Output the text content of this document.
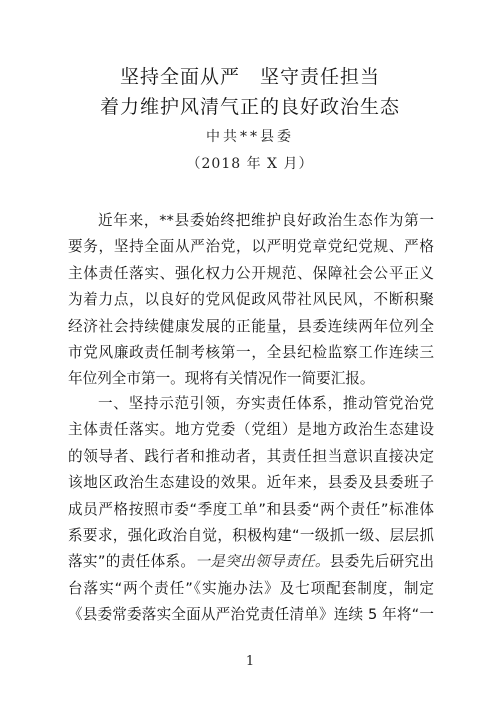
坚持全面从严　坚守责任担当
着力维护风清气正的良好政治生态
中共**县委
（2018 年 X 月）
近年来，**县委始终把维护良好政治生态作为第一
要务，坚持全面从严治党，以严明党章党纪党规、严格
主体责任落实、强化权力公开规范、保障社会公平正义
为着力点，以良好的党风促政风带社风民风，不断积聚
经济社会持续健康发展的正能量，县委连续两年位列全
市党风廉政责任制考核第一，全县纪检监察工作连续三
年位列全市第一。现将有关情况作一简要汇报。
一、坚持示范引领，夯实责任体系，推动管党治党
主体责任落实。地方党委（党组）是地方政治生态建设
的领导者、践行者和推动者，其责任担当意识直接决定
该地区政治生态建设的效果。近年来，县委及县委班子
成员严格按照市委“季度工单”和县委“两个责任”标准体
系要求，强化政治自觉，积极构建“一级抓一级、层层抓
落实”的责任体系。一是突出领导责任。县委先后研究出
台落实“两个责任”《实施办法》及七项配套制度，制定
《县委常委落实全面从严治党责任清单》连续 5 年将“一
1
